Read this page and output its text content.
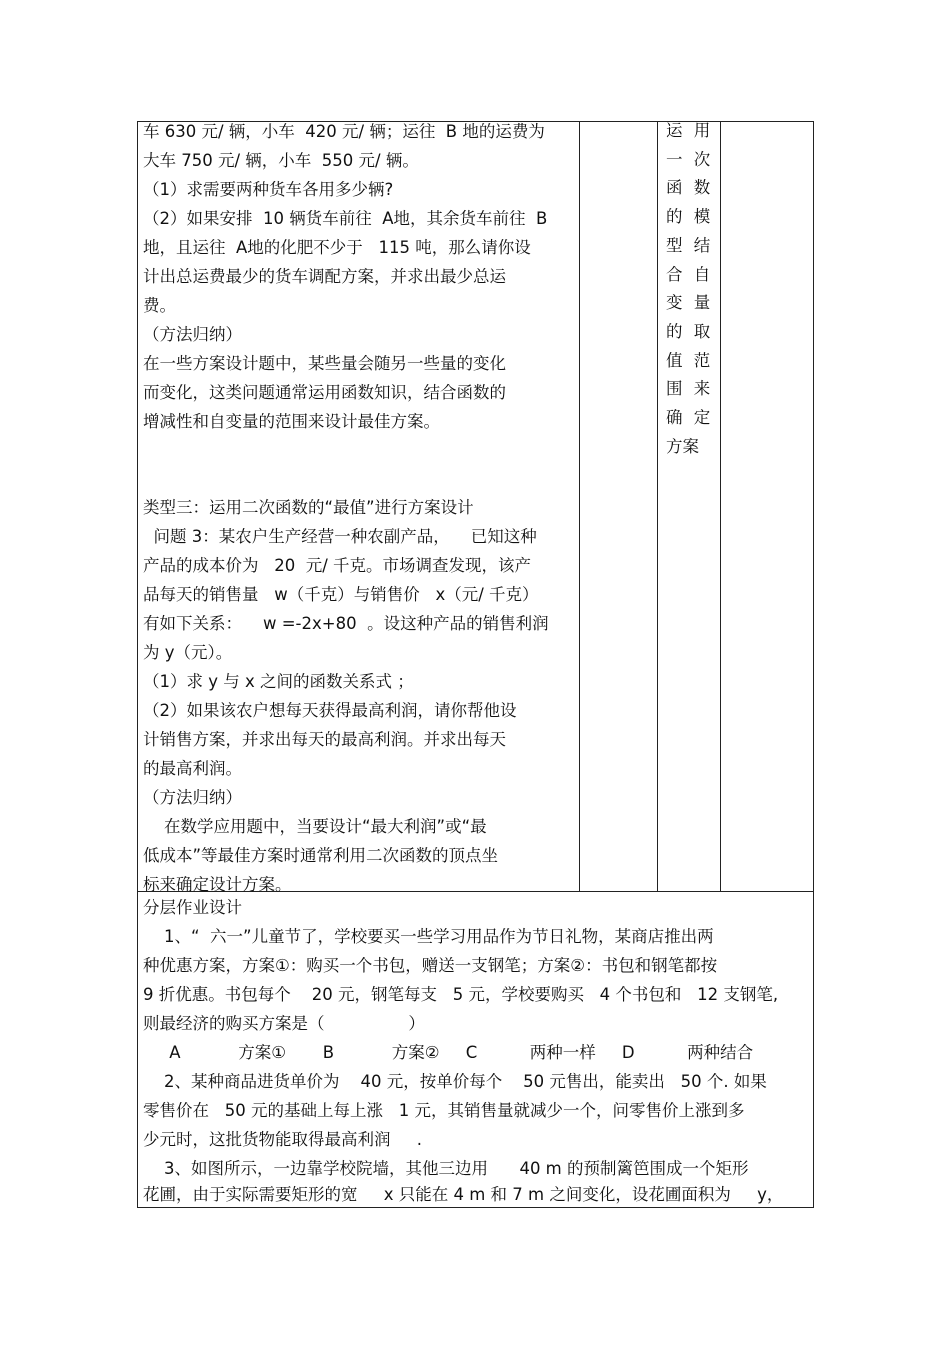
车 630 元/ 辆，小车  420 元/ 辆；运往  B 地的运费为
大车 750 元/ 辆，小车  550 元/ 辆。
（1）求需要两种货车各用多少辆?
（2）如果安排  10 辆货车前往  A地，其余货车前往  B
地，且运往  A地的化肥不少于   115 吨，那么请你设
计出总运费最少的货车调配方案，并求出最少总运
费。
（方法归纳）
在一些方案设计题中，某些量会随另一些量的变化
而变化，这类问题通常运用函数知识，结合函数的
增减性和自变量的范围来设计最佳方案。
类型三：运用二次函数的“最值”进行方案设计
问题 3：某农户生产经营一种农副产品，    已知这种
产品的成本价为   20  元/ 千克。市场调查发现，该产
品每天的销售量   w（千克）与销售价   x（元/ 千克）
有如下关系：    w =-2x+80  。设这种产品的销售利润
为 y（元）。
（1）求 y 与 x 之间的函数关系式 ；
（2）如果该农户想每天获得最高利润，请你帮他设
计销售方案，并求出每天的最高利润。并求出每天
的最高利润。
（方法归纳）
在数学应用题中，当要设计“最大利润”或“最
低成本”等最佳方案时通常利用二次函数的顶点坐
标来确定设计方案。
运
一
函
的
型
合
变
的
值
围
确
方案
用
次
数
模
结
自
量
取
范
来
定
分层作业设计
1、“  六一”儿童节了，学校要买一些学习用品作为节日礼物，某商店推出两
种优惠方案，方案①：购买一个书包，赠送一支钢笔；方案②：书包和钢笔都按
9 折优惠。书包每个    20 元，钢笔每支   5 元，学校要购买   4 个书包和   12 支钢笔,
则最经济的购买方案是（                ）
A           方案①       B           方案②     C          两种一样     D          两种结合
2、某种商品进货单价为    40 元，按单价每个    50 元售出，能卖出   50 个. 如果
零售价在   50 元的基础上每上涨   1 元，其销售量就减少一个，问零售价上涨到多
少元时，这批货物能取得最高利润     .
3、如图所示，一边靠学校院墙，其他三边用      40 m 的预制篱笆围成一个矩形
花圃，由于实际需要矩形的宽     x 只能在 4 m 和 7 m 之间变化，设花圃面积为     y，
